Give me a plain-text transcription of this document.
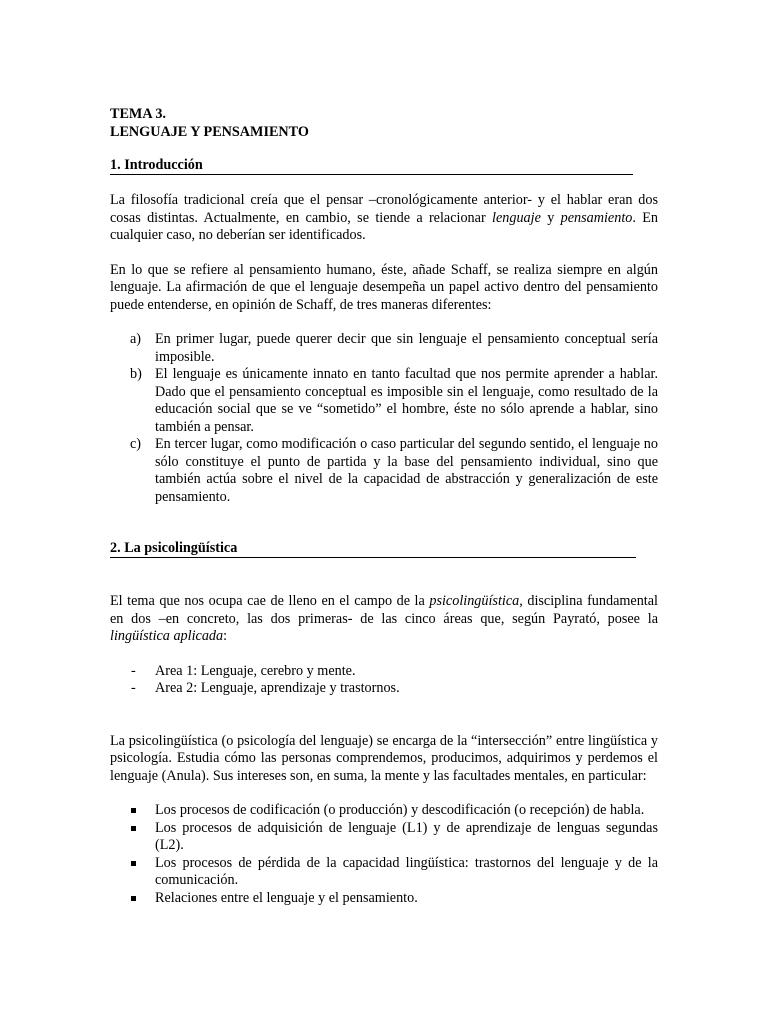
TEMA 3.

LENGUAJE Y PENSAMIENTO

1. Introducción

La filosofía tradicional creía que el pensar –cronológicamente anterior- y el hablar eran dos cosas distintas. Actualmente, en cambio, se tiende a relacionar lenguaje y pensamiento. En cualquier caso, no deberían ser identificados.

En lo que se refiere al pensamiento humano, éste, añade Schaff, se realiza siempre en algún lenguaje. La afirmación de que el lenguaje desempeña un papel activo dentro del pensamiento puede entenderse, en opinión de Schaff, de tres maneras diferentes:

a) En primer lugar, puede querer decir que sin lenguaje el pensamiento conceptual sería imposible.
b) El lenguaje es únicamente innato en tanto facultad que nos permite aprender a hablar. Dado que el pensamiento conceptual es imposible sin el lenguaje, como resultado de la educación social que se ve “sometido” el hombre, éste no sólo aprende a hablar, sino también a pensar.
c) En tercer lugar, como modificación o caso particular del segundo sentido, el lenguaje no sólo constituye el punto de partida y la base del pensamiento individual, sino que también actúa sobre el nivel de la capacidad de abstracción y generalización de este pensamiento.
2. La psicolingüística

El tema que nos ocupa cae de lleno en el campo de la psicolingüística, disciplina fundamental en dos –en concreto, las dos primeras- de las cinco áreas que, según Payrató, posee la lingüística aplicada:

- Area 1: Lenguaje, cerebro y mente.
- Area 2: Lenguaje, aprendizaje y trastornos.

La psicolingüística (o psicología del lenguaje) se encarga de la “intersección” entre lingüística y psicología. Estudia cómo las personas comprendemos, producimos, adquirimos y perdemos el lenguaje (Anula). Sus intereses son, en suma, la mente y las facultades mentales, en particular:

Los procesos de codificación (o producción) y descodificación (o recepción) de habla.
Los procesos de adquisición de lenguaje (L1) y de aprendizaje de lenguas segundas (L2).
Los procesos de pérdida de la capacidad lingüística: trastornos del lenguaje y de la comunicación.
Relaciones entre el lenguaje y el pensamiento.
